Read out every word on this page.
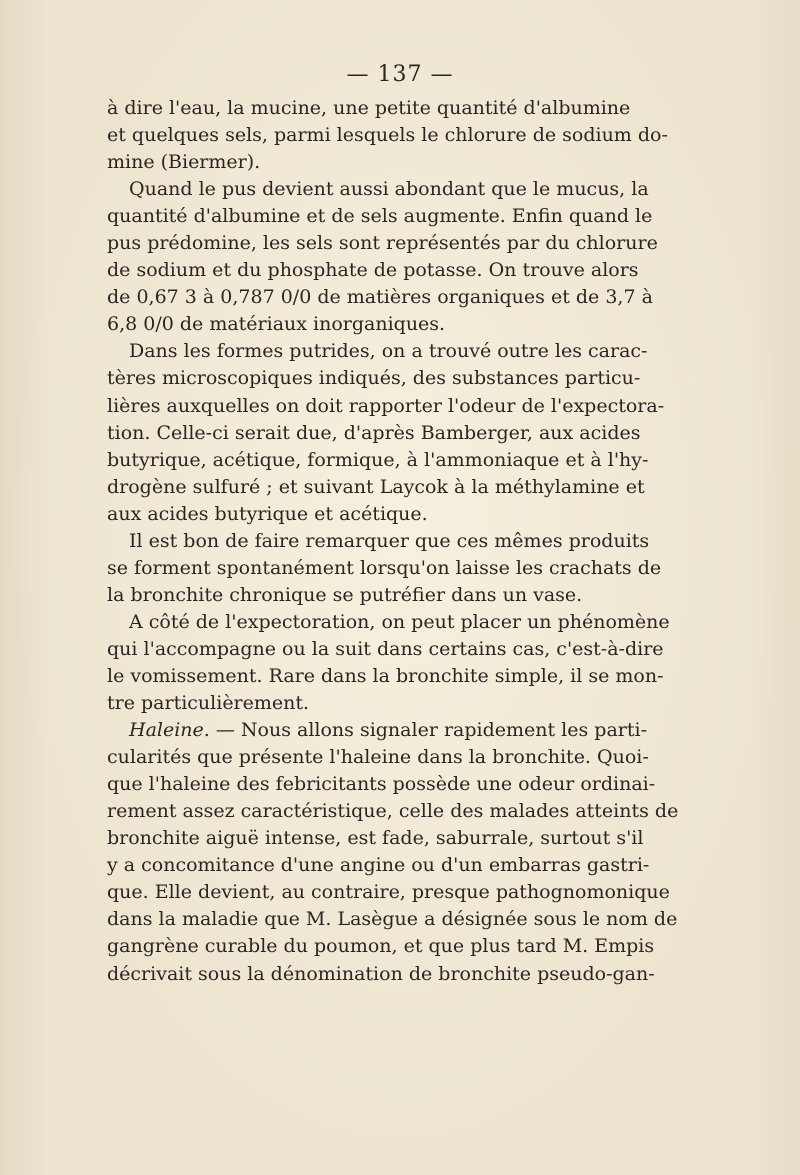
— 137 —
à dire l'eau, la mucine, une petite quantité d'albumine
et quelques sels, parmi lesquels le chlorure de sodium do-
mine (Biermer).
Quand le pus devient aussi abondant que le mucus, la
quantité d'albumine et de sels augmente. Enfin quand le
pus prédomine, les sels sont représentés par du chlorure
de sodium et du phosphate de potasse. On trouve alors
de 0,67 3 à 0,787 0/0 de matières organiques et de 3,7 à
6,8 0/0 de matériaux inorganiques.
Dans les formes putrides, on a trouvé outre les carac-
tères microscopiques indiqués, des substances particu-
lières auxquelles on doit rapporter l'odeur de l'expectora-
tion. Celle-ci serait due, d'après Bamberger, aux acides
butyrique, acétique, formique, à l'ammoniaque et à l'hy-
drogène sulfuré ; et suivant Laycok à la méthylamine et
aux acides butyrique et acétique.
Il est bon de faire remarquer que ces mêmes produits
se forment spontanément lorsqu'on laisse les crachats de
la bronchite chronique se putréfier dans un vase.
A côté de l'expectoration, on peut placer un phénomène
qui l'accompagne ou la suit dans certains cas, c'est-à-dire
le vomissement. Rare dans la bronchite simple, il se mon-
tre particulièrement.
Haleine. — Nous allons signaler rapidement les parti-
cularités que présente l'haleine dans la bronchite. Quoi-
que l'haleine des febricitants possède une odeur ordinai-
rement assez caractéristique, celle des malades atteints de
bronchite aiguë intense, est fade, saburrale, surtout s'il
y a concomitance d'une angine ou d'un embarras gastri-
que. Elle devient, au contraire, presque pathognomonique
dans la maladie que M. Lasègue a désignée sous le nom de
gangrène curable du poumon, et que plus tard M. Empis
décrivait sous la dénomination de bronchite pseudo-gan-
